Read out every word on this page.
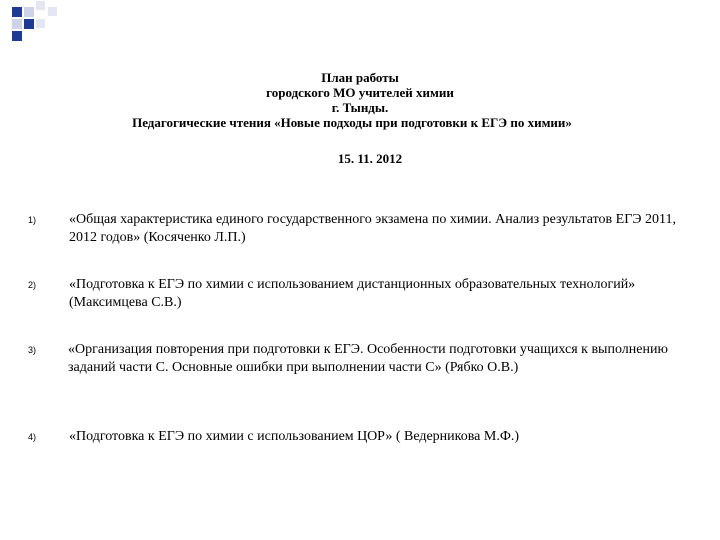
План работы
городского МО учителей химии
г. Тынды.
Педагогические чтения «Новые подходы при подготовки к ЕГЭ по химии»
15. 11. 2012
1) «Общая характеристика единого государственного экзамена по химии. Анализ результатов ЕГЭ 2011, 2012 годов» (Косяченко Л.П.)
2) «Подготовка к ЕГЭ по химии с использованием дистанционных образовательных технологий» (Максимцева С.В.)
3) «Организация повторения при подготовки к ЕГЭ. Особенности подготовки учащихся к выполнению заданий части С. Основные ошибки при выполнении части С» (Рябко О.В.)
4) «Подготовка к ЕГЭ по химии с использованием ЦОР» ( Ведерникова М.Ф.)
